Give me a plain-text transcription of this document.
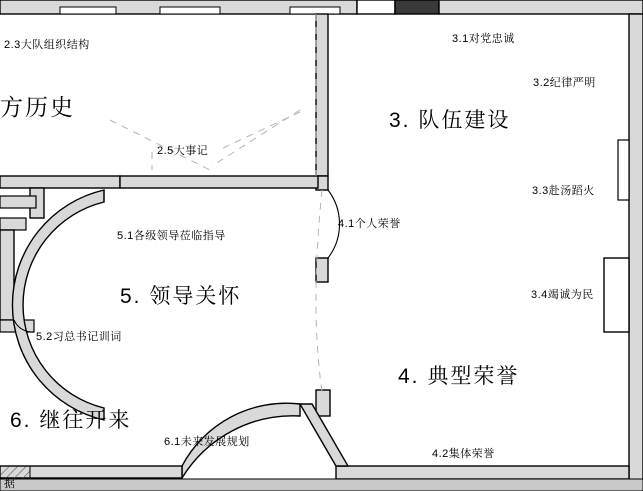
2.3大队组织结构	3.1对党忠诚
3.2纪律严明
方历史
3. 队伍建设
2.5大事记
3.3赴汤蹈火
4.1个人荣誉
5.1各级领导莅临指导
3.4竭诚为民
5. 领导关怀
5.2习总书记训词
4. 典型荣誉
6. 继往开来
6.1未来发展规划
4.2集体荣誉
据
